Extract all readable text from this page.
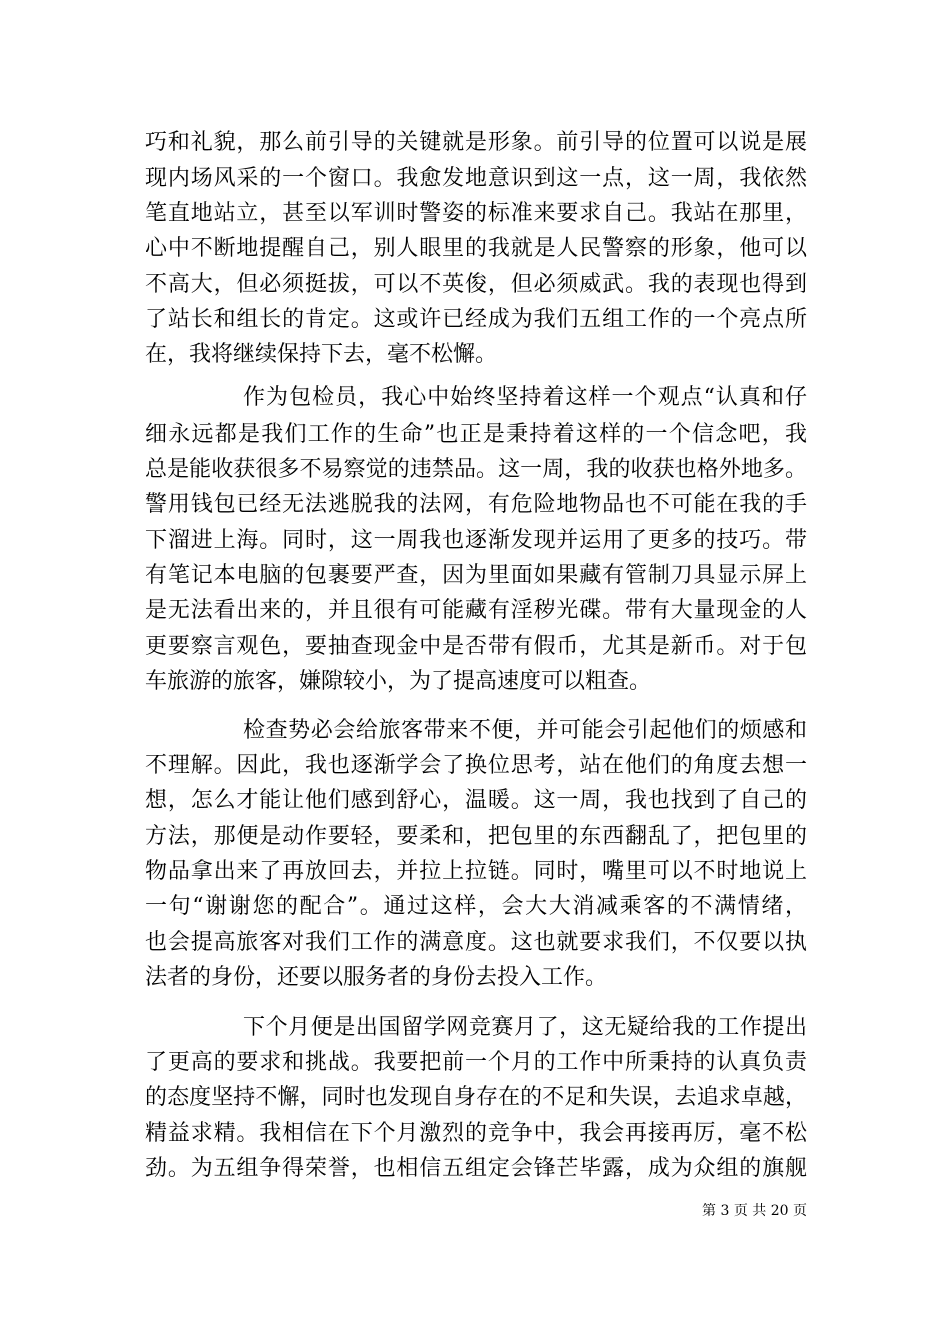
巧和礼貌，那么前引导的关键就是形象。前引导的位置可以说是展
现内场风采的一个窗口。我愈发地意识到这一点，这一周，我依然
笔直地站立，甚至以军训时警姿的标准来要求自己。我站在那里，
心中不断地提醒自己，别人眼里的我就是人民警察的形象，他可以
不高大，但必须挺拔，可以不英俊，但必须威武。我的表现也得到
了站长和组长的肯定。这或许已经成为我们五组工作的一个亮点所
在，我将继续保持下去，毫不松懈。
作为包检员，我心中始终坚持着这样一个观点“认真和仔
细永远都是我们工作的生命”也正是秉持着这样的一个信念吧，我
总是能收获很多不易察觉的违禁品。这一周，我的收获也格外地多。
警用钱包已经无法逃脱我的法网，有危险地物品也不可能在我的手
下溜进上海。同时，这一周我也逐渐发现并运用了更多的技巧。带
有笔记本电脑的包裹要严查，因为里面如果藏有管制刀具显示屏上
是无法看出来的，并且很有可能藏有淫秽光碟。带有大量现金的人
更要察言观色，要抽查现金中是否带有假币，尤其是新币。对于包
车旅游的旅客，嫌隙较小，为了提高速度可以粗查。
检查势必会给旅客带来不便，并可能会引起他们的烦感和
不理解。因此，我也逐渐学会了换位思考，站在他们的角度去想一
想，怎么才能让他们感到舒心，温暖。这一周，我也找到了自己的
方法，那便是动作要轻，要柔和，把包里的东西翻乱了，把包里的
物品拿出来了再放回去，并拉上拉链。同时，嘴里可以不时地说上
一句“谢谢您的配合”。通过这样，会大大消减乘客的不满情绪，
也会提高旅客对我们工作的满意度。这也就要求我们，不仅要以执
法者的身份，还要以服务者的身份去投入工作。
下个月便是出国留学网竞赛月了，这无疑给我的工作提出
了更高的要求和挑战。我要把前一个月的工作中所秉持的认真负责
的态度坚持不懈，同时也发现自身存在的不足和失误，去追求卓越，
精益求精。我相信在下个月激烈的竞争中，我会再接再厉，毫不松
劲。为五组争得荣誉，也相信五组定会锋芒毕露，成为众组的旗舰
第 3 页 共 20 页
